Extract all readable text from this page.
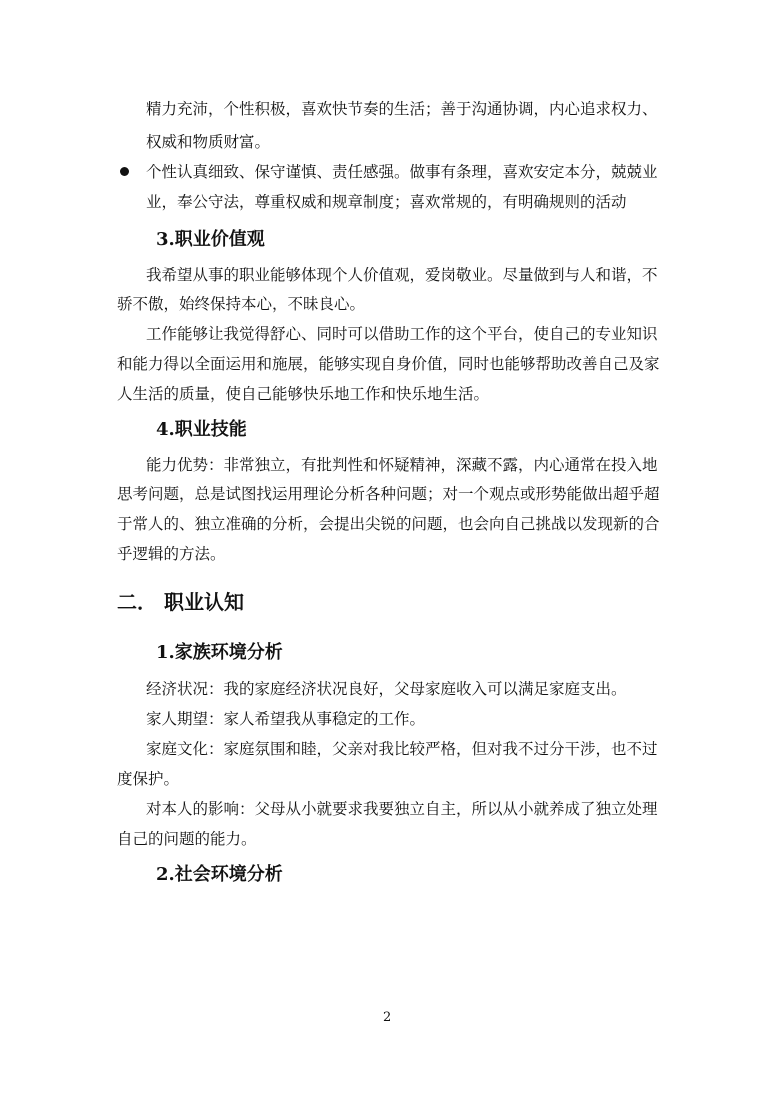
精力充沛，个性积极，喜欢快节奏的生活；善于沟通协调，内心追求权力、
权威和物质财富。
个性认真细致、保守谨慎、责任感强。做事有条理，喜欢安定本分，兢兢业
业，奉公守法，尊重权威和规章制度；喜欢常规的，有明确规则的活动
3.职业价值观
我希望从事的职业能够体现个人价值观，爱岗敬业。尽量做到与人和谐，不
骄不傲，始终保持本心，不昧良心。
工作能够让我觉得舒心、同时可以借助工作的这个平台，使自己的专业知识
和能力得以全面运用和施展，能够实现自身价值，同时也能够帮助改善自己及家
人生活的质量，使自己能够快乐地工作和快乐地生活。
4.职业技能
能力优势：非常独立，有批判性和怀疑精神，深藏不露，内心通常在投入地
思考问题，总是试图找运用理论分析各种问题；对一个观点或形势能做出超乎超
于常人的、独立准确的分析，会提出尖锐的问题，也会向自己挑战以发现新的合
乎逻辑的方法。
二． 职业认知
1.家族环境分析
经济状况：我的家庭经济状况良好，父母家庭收入可以满足家庭支出。
家人期望：家人希望我从事稳定的工作。
家庭文化：家庭氛围和睦，父亲对我比较严格，但对我不过分干涉，也不过
度保护。
对本人的影响：父母从小就要求我要独立自主，所以从小就养成了独立处理
自己的问题的能力。
2.社会环境分析
2
